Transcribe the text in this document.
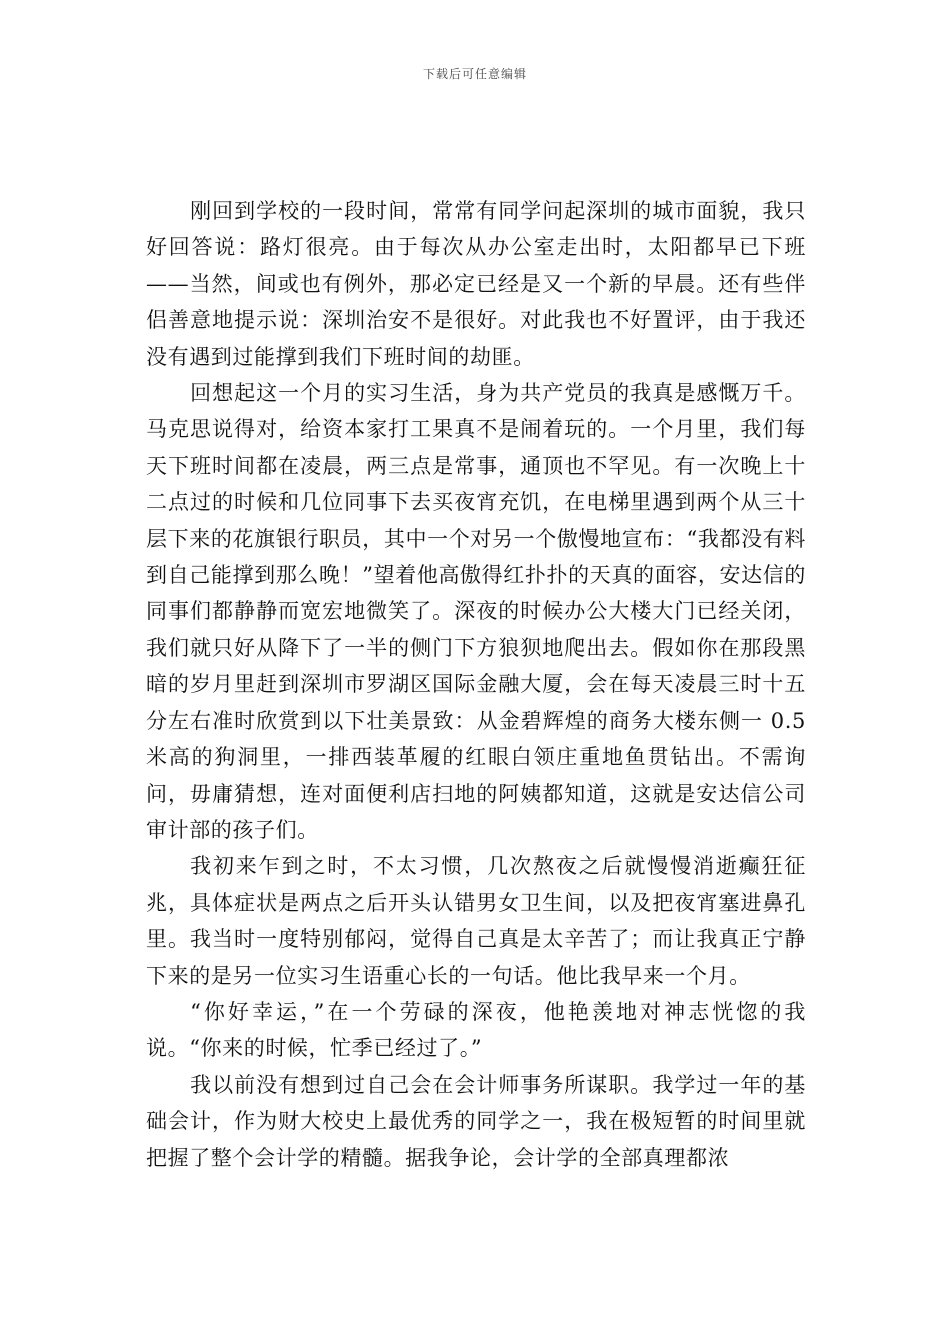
下载后可任意编辑

刚回到学校的一段时间，常常有同学问起深圳的城市面貌，我只好回答说：路灯很亮。由于每次从办公室走出时，太阳都早已下班——当然，间或也有例外，那必定已经是又一个新的早晨。还有些伴侣善意地提示说：深圳治安不是很好。对此我也不好置评，由于我还没有遇到过能撑到我们下班时间的劫匪。

回想起这一个月的实习生活，身为共产党员的我真是感慨万千。马克思说得对，给资本家打工果真不是闹着玩的。一个月里，我们每天下班时间都在凌晨，两三点是常事，通顶也不罕见。有一次晚上十二点过的时候和几位同事下去买夜宵充饥，在电梯里遇到两个从三十层下来的花旗银行职员，其中一个对另一个傲慢地宣布：“我都没有料到自己能撑到那么晚！”望着他高傲得红扑扑的天真的面容，安达信的同事们都静静而宽宏地微笑了。深夜的时候办公大楼大门已经关闭，我们就只好从降下了一半的侧门下方狼狈地爬出去。假如你在那段黑暗的岁月里赶到深圳市罗湖区国际金融大厦，会在每天凌晨三时十五分左右准时欣赏到以下壮美景致：从金碧辉煌的商务大楼东侧一 0.5 米高的狗洞里，一排西装革履的红眼白领庄重地鱼贯钻出。不需询问，毋庸猜想，连对面便利店扫地的阿姨都知道，这就是安达信公司审计部的孩子们。

我初来乍到之时，不太习惯，几次熬夜之后就慢慢消逝癫狂征兆，具体症状是两点之后开头认错男女卫生间，以及把夜宵塞进鼻孔里。我当时一度特别郁闷，觉得自己真是太辛苦了；而让我真正宁静下来的是另一位实习生语重心长的一句话。他比我早来一个月。

“你好幸运，”在一个劳碌的深夜，他艳羡地对神志恍惚的我说。“你来的时候，忙季已经过了。”

我以前没有想到过自己会在会计师事务所谋职。我学过一年的基础会计，作为财大校史上最优秀的同学之一，我在极短暂的时间里就把握了整个会计学的精髓。据我争论，会计学的全部真理都浓
